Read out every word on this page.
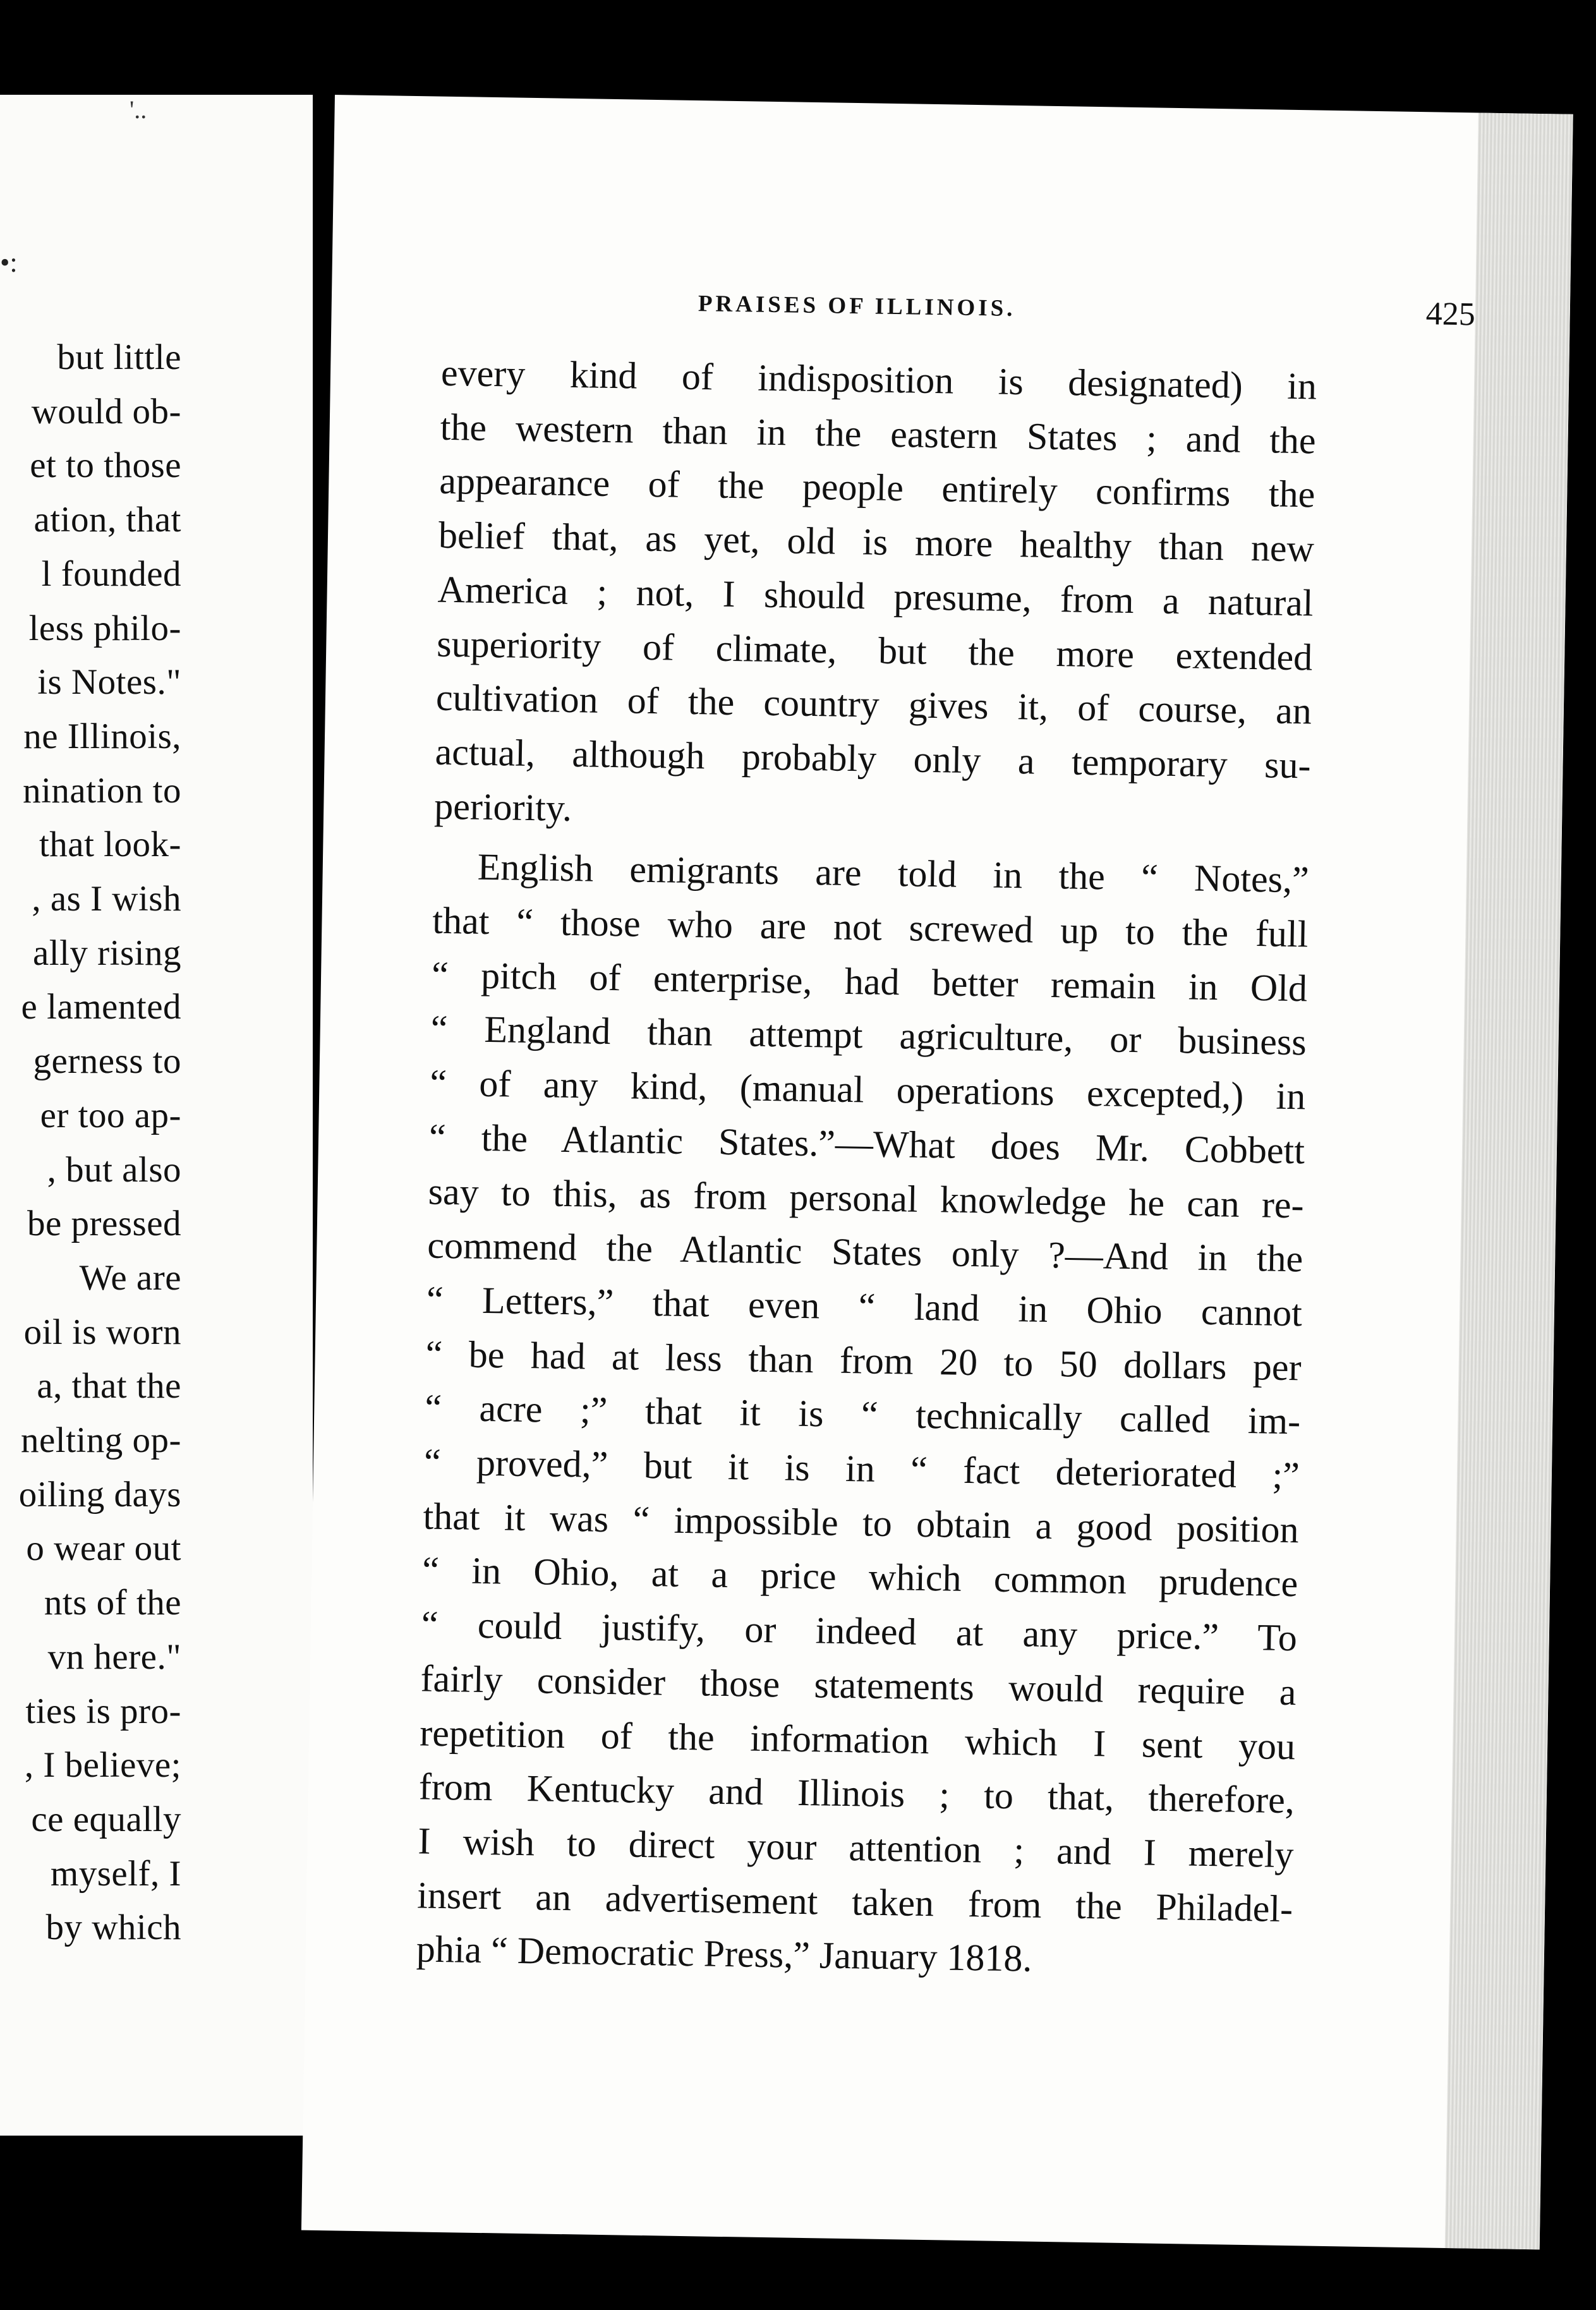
'..
•:
but little
would ob-
et to those
ation, that
l founded
less philo-
is Notes."
ne Illinois,
nination to
that look-
, as I wish
ally rising
e lamented
gerness to
er too ap-
, but also
be pressed
We are
oil is worn
a, that the
nelting op-
oiling days
o wear out
nts of the
vn here."
ties is pro-
, I believe;
ce equally
myself, I
by which
PRAISES OF ILLINOIS.	425
every kind of indisposition is designated) in
the western than in the eastern States ; and the
appearance of the people entirely confirms the
belief that, as yet, old is more healthy than new
America ; not, I should presume, from a natural
superiority of climate, but the more extended
cultivation of the country gives it, of course, an
actual, although probably only a temporary su-
periority.
English emigrants are told in the “ Notes,”
that “ those who are not screwed up to the full
“ pitch of enterprise, had better remain in Old
“ England than attempt agriculture, or business
“ of any kind, (manual operations excepted,) in
“ the Atlantic States.”—What does Mr. Cobbett
say to this, as from personal knowledge he can re-
commend the Atlantic States only ?—And in the
“ Letters,” that even “ land in Ohio cannot
“ be had at less than from 20 to 50 dollars per
“ acre ;” that it is “ technically called im-
“ proved,” but it is in “ fact deteriorated ;”
that it was “ impossible to obtain a good position
“ in Ohio, at a price which common prudence
“ could justify, or indeed at any price.” To
fairly consider those statements would require a
repetition of the information which I sent you
from Kentucky and Illinois ; to that, therefore,
I wish to direct your attention ; and I merely
insert an advertisement taken from the Philadel-
phia “ Democratic Press,” January 1818.
